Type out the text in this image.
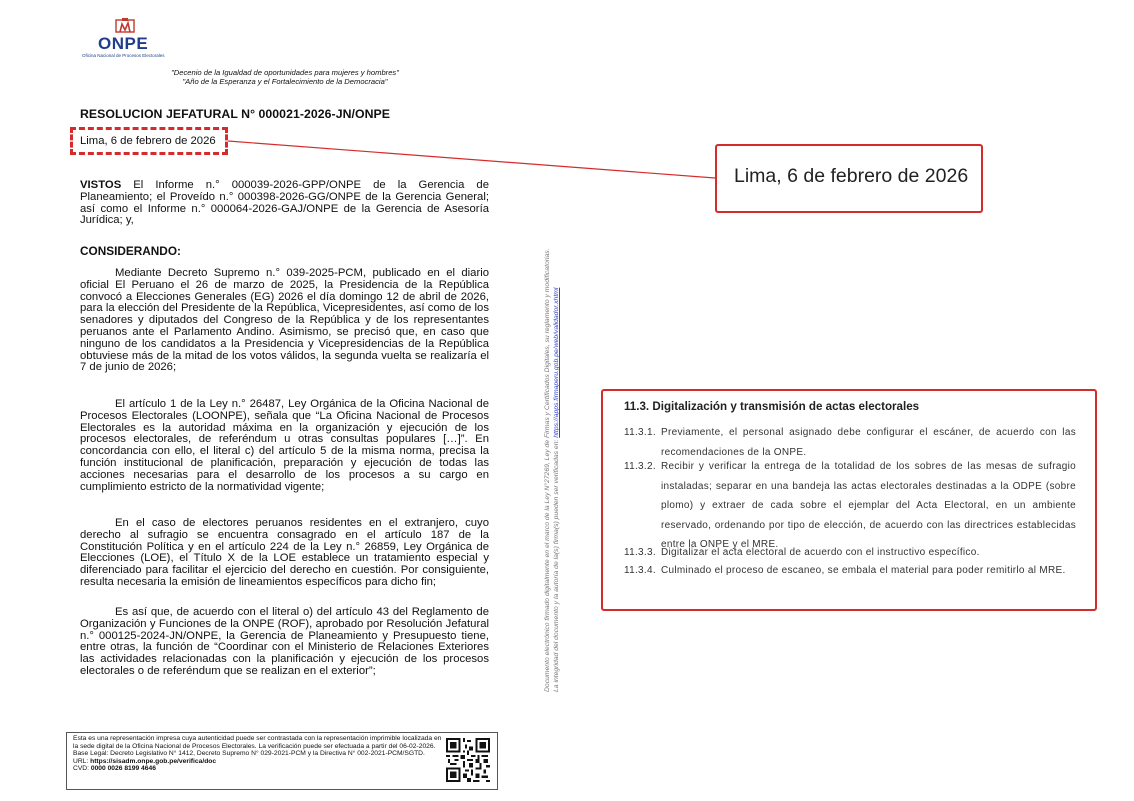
ONPE
Oficina Nacional de Procesos Electorales
"Decenio de la Igualdad de oportunidades para mujeres y hombres"
"Año de la Esperanza y el Fortalecimiento de la Democracia"
RESOLUCION JEFATURAL N° 000021-2026-JN/ONPE
Lima, 6 de febrero de 2026
Lima, 6 de febrero de 2026

VISTOS El Informe n.° 000039-2026-GPP/ONPE de la Gerencia de Planeamiento; el Proveído n.° 000398-2026-GG/ONPE de la Gerencia General; así como el Informe n.° 000064-2026-GAJ/ONPE de la Gerencia de Asesoría Jurídica; y,

CONSIDERANDO:

Mediante Decreto Supremo n.° 039-2025-PCM, publicado en el diario oficial El Peruano el 26 de marzo de 2025, la Presidencia de la República convocó a Elecciones Generales (EG) 2026 el día domingo 12 de abril de 2026, para la elección del Presidente de la República, Vicepresidentes, así como de los senadores y diputados del Congreso de la República y de los representantes peruanos ante el Parlamento Andino. Asimismo, se precisó que, en caso que ninguno de los candidatos a la Presidencia y Vicepresidencias de la República obtuviese más de la mitad de los votos válidos, la segunda vuelta se realizaría el 7 de junio de 2026;

El artículo 1 de la Ley n.° 26487, Ley Orgánica de la Oficina Nacional de Procesos Electorales (LOONPE), señala que “La Oficina Nacional de Procesos Electorales es la autoridad máxima en la organización y ejecución de los procesos electorales, de referéndum u otras consultas populares […]”. En concordancia con ello, el literal c) del artículo 5 de la misma norma, precisa la función institucional de planificación, preparación y ejecución de todas las acciones necesarias para el desarrollo de los procesos a su cargo en cumplimiento estricto de la normatividad vigente;

En el caso de electores peruanos residentes en el extranjero, cuyo derecho al sufragio se encuentra consagrado en el artículo 187 de la Constitución Política y en el artículo 224 de la Ley n.° 26859, Ley Orgánica de Elecciones (LOE), el Título X de la LOE establece un tratamiento especial y diferenciado para facilitar el ejercicio del derecho en cuestión. Por consiguiente, resulta necesaria la emisión de lineamientos específicos para dicho fin;

Es así que, de acuerdo con el literal o) del artículo 43 del Reglamento de Organización y Funciones de la ONPE (ROF), aprobado por Resolución Jefatural n.° 000125-2024-JN/ONPE, la Gerencia de Planeamiento y Presupuesto tiene, entre otras, la función de “Coordinar con el Ministerio de Relaciones Exteriores las actividades relacionadas con la planificación y ejecución de los procesos electorales o de referéndum que se realizan en el exterior”;	Documento electrónico firmado digitalmente en el marco de la Ley N°27269, Ley de Firmas y Certificados Digitales, su reglamento y modificatorias. La integridad del documento y la autoría de la(s) firma(s) pueden ser verificadas en: https://apps.firmaperu.gob.pe/web/validador.xhtml
Esta es una representación impresa cuya autenticidad puede ser contrastada con la representación imprimible localizada en la sede digital de la Oficina Nacional de Procesos Electorales. La verificación puede ser efectuada a partir del 06-02-2026. Base Legal: Decreto Legislativo N° 1412, Decreto Supremo N° 029-2021-PCM y la Directiva N° 002-2021-PCM/SGTD.
URL: https://sisadm.onpe.gob.pe/verifica/doc
CVD: 0000 0026 8199 4646
11.3. Digitalización y transmisión de actas electorales
11.3.1. Previamente, el personal asignado debe configurar el escáner, de acuerdo con las recomendaciones de la ONPE.
11.3.2. Recibir y verificar la entrega de la totalidad de los sobres de las mesas de sufragio instaladas; separar en una bandeja las actas electorales destinadas a la ODPE (sobre plomo) y extraer de cada sobre el ejemplar del Acta Electoral, en un ambiente reservado, ordenando por tipo de elección, de acuerdo con las directrices establecidas entre la ONPE y el MRE.
11.3.3. Digitalizar el acta electoral de acuerdo con el instructivo específico.
11.3.4. Culminado el proceso de escaneo, se embala el material para poder remitirlo al MRE.
